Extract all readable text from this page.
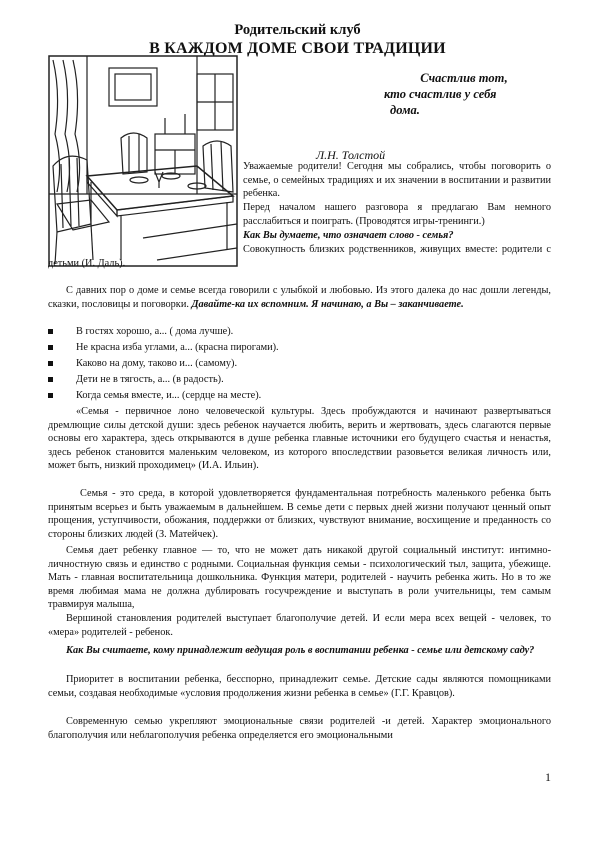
Родительский клуб
В КАЖДОМ ДОМЕ СВОИ ТРАДИЦИИ
Счастлив тот,
кто счастлив у себя
дома.
Л.Н. Толстой
Уважаемые родители! Сегодня мы собрались, чтобы поговорить о семье, о семейных традициях и их значении в воспитании и развитии ребенка.
Перед началом нашего разговора я предлагаю Вам немного расслабиться и поиграть. (Проводятся игры-тренинги.)
Как Вы думаете, что означает слово - семья?
Совокупность близких родственников, живущих вместе: родители с детьми (И. Даль).
С давних пор о доме и семье всегда говорили с улыбкой и любовью. Из этого далека до нас дошли легенды, сказки, пословицы и поговорки. Давайте-ка их вспомним. Я начинаю, а Вы – заканчиваете.
В гостях хорошо, а... ( дома лучше).
Не красна изба углами, а... (красна пирогами).
Каково на дому, таково и... (самому).
Дети не в тягость, а... (в радость).
Когда семья вместе, и... (сердце на месте).
«Семья - первичное лоно человеческой культуры. Здесь пробуждаются и начинают развертываться дремлющие силы детской души: здесь ребенок научается любить, верить и жертвовать, здесь слагаются первые основы его характера, здесь открываются в душе ребенка главные источники его будущего счастья и ненастья, здесь ребенок становится маленьким человеком, из которого впоследствии разовьется великая личность или, может быть, низкий проходимец» (И.А. Ильин).
Семья - это среда, в которой удовлетворяется фундаментальная потребность маленького ребенка быть принятым всерьез и быть уважаемым в дальнейшем. В семье дети с первых дней жизни получают ценный опыт прощения, уступчивости, обожания, поддержки от близких, чувствуют внимание, восхищение и преданность со стороны близких людей (З. Матейчек).
Семья дает ребенку главное — то, что не может дать никакой другой социальный институт: интимно-личностную связь и единство с родными. Социальная функция семьи - психологический тыл, защита, убежище. Мать - главная воспитательница дошкольника. Функция матери, родителей - научить ребенка жить. Но в то же время любимая мама не должна дублировать госучреждение и выступать в роли учительницы, тем самым травмируя малыша,
Вершиной становления родителей выступает благополучие детей. И если мера всех вещей - человек, то «мера» родителей - ребенок.
Как Вы считаете, кому принадлежит ведущая роль в воспитании ребенка - семье или детскому саду?
Приоритет в воспитании ребенка, бесспорно, принадлежит семье. Детские сады являются помощниками семьи, создавая необходимые «условия продолжения жизни ребенка в семье» (Г.Г. Кравцов).
Современную семью укрепляют эмоциональные связи родителей -и детей. Характер эмоционального благополучия или неблагополучия ребенка определяется его эмоциональными
1
